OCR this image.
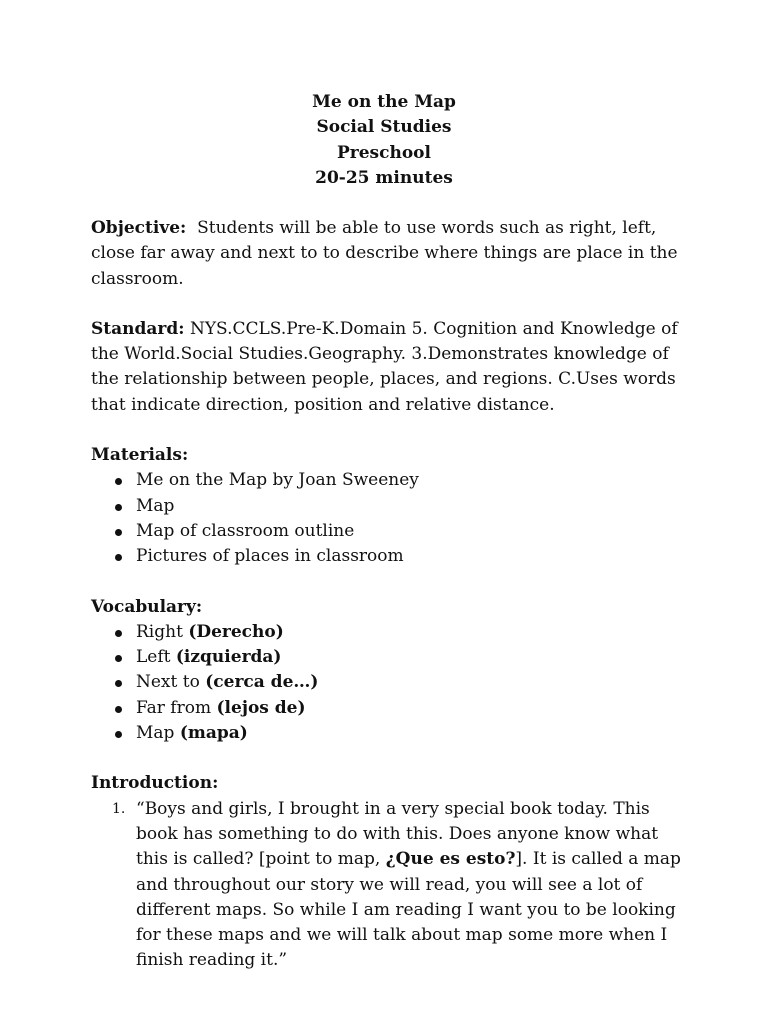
Me on the Map
Social Studies
Preschool
20-25 minutes

Objective: Students will be able to use words such as right, left, close far away and next to to describe where things are place in the classroom.

Standard: NYS.CCLS.Pre-K.Domain 5. Cognition and Knowledge of the World.Social Studies.Geography. 3.Demonstrates knowledge of the relationship between people, places, and regions. C.Uses words that indicate direction, position and relative distance.

Materials:

Me on the Map by Joan Sweeney
Map
Map of classroom outline
Pictures of places in classroom

Vocabulary:

Right (Derecho)
Left (izquierda)
Next to (cerca de…)
Far from (lejos de)
Map (mapa)

Introduction:

1. “Boys and girls, I brought in a very special book today. This book has something to do with this. Does anyone know what this is called? [point to map, ¿Que es esto?]. It is called a map and throughout our story we will read, you will see a lot of different maps. So while I am reading I want you to be looking for these maps and we will talk about map some more when I finish reading it.”
